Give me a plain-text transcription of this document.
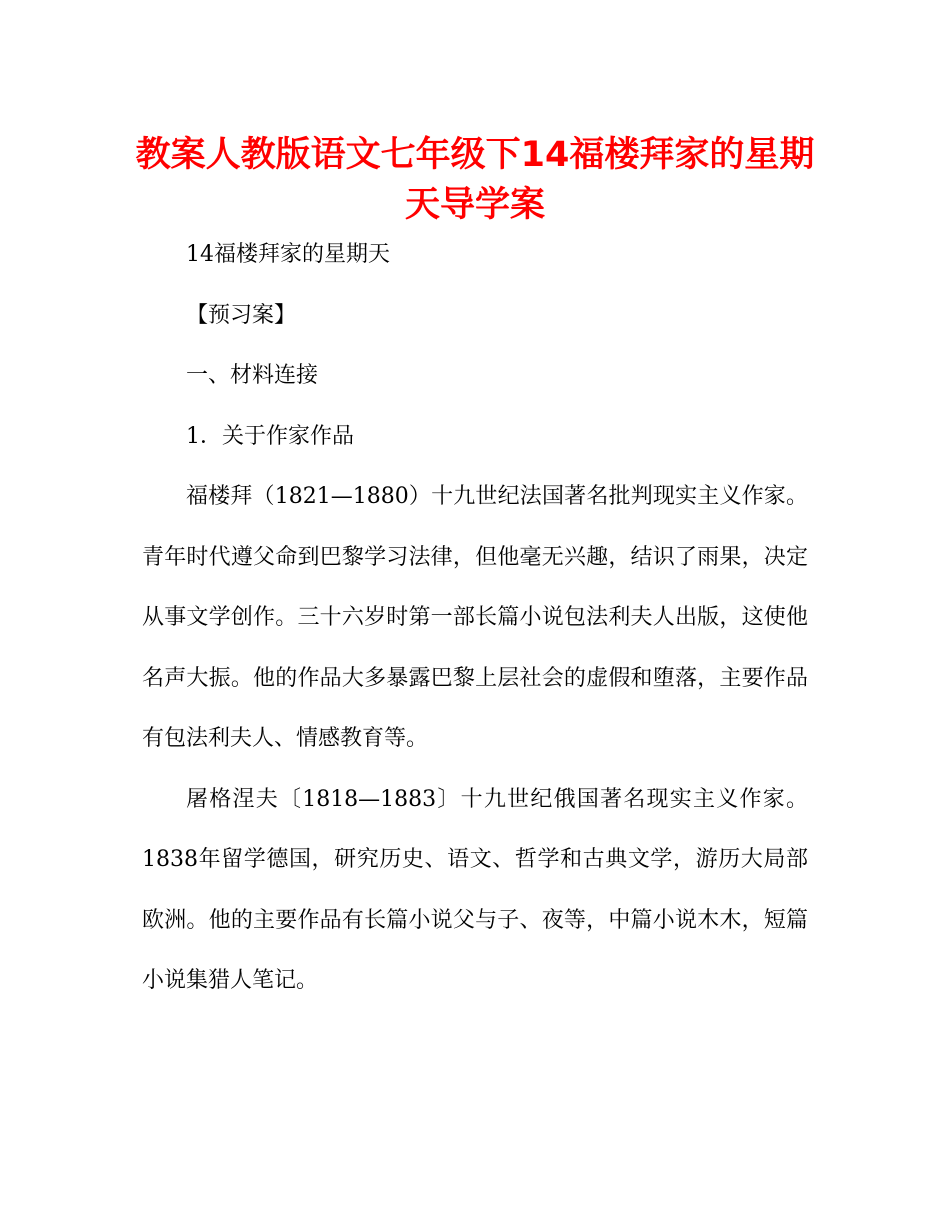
教案人教版语文七年级下14福楼拜家的星期天导学案

14福楼拜家的星期天

【预习案】

一、材料连接

1．关于作家作品

福楼拜（1821—1880）十九世纪法国著名批判现实主义作家。青年时代遵父命到巴黎学习法律，但他毫无兴趣，结识了雨果，决定从事文学创作。三十六岁时第一部长篇小说包法利夫人出版，这使他名声大振。他的作品大多暴露巴黎上层社会的虚假和堕落，主要作品有包法利夫人、情感教育等。

屠格涅夫〔1818—1883〕十九世纪俄国著名现实主义作家。1838年留学德国，研究历史、语文、哲学和古典文学，游历大局部欧洲。他的主要作品有长篇小说父与子、夜等，中篇小说木木，短篇小说集猎人笔记。
